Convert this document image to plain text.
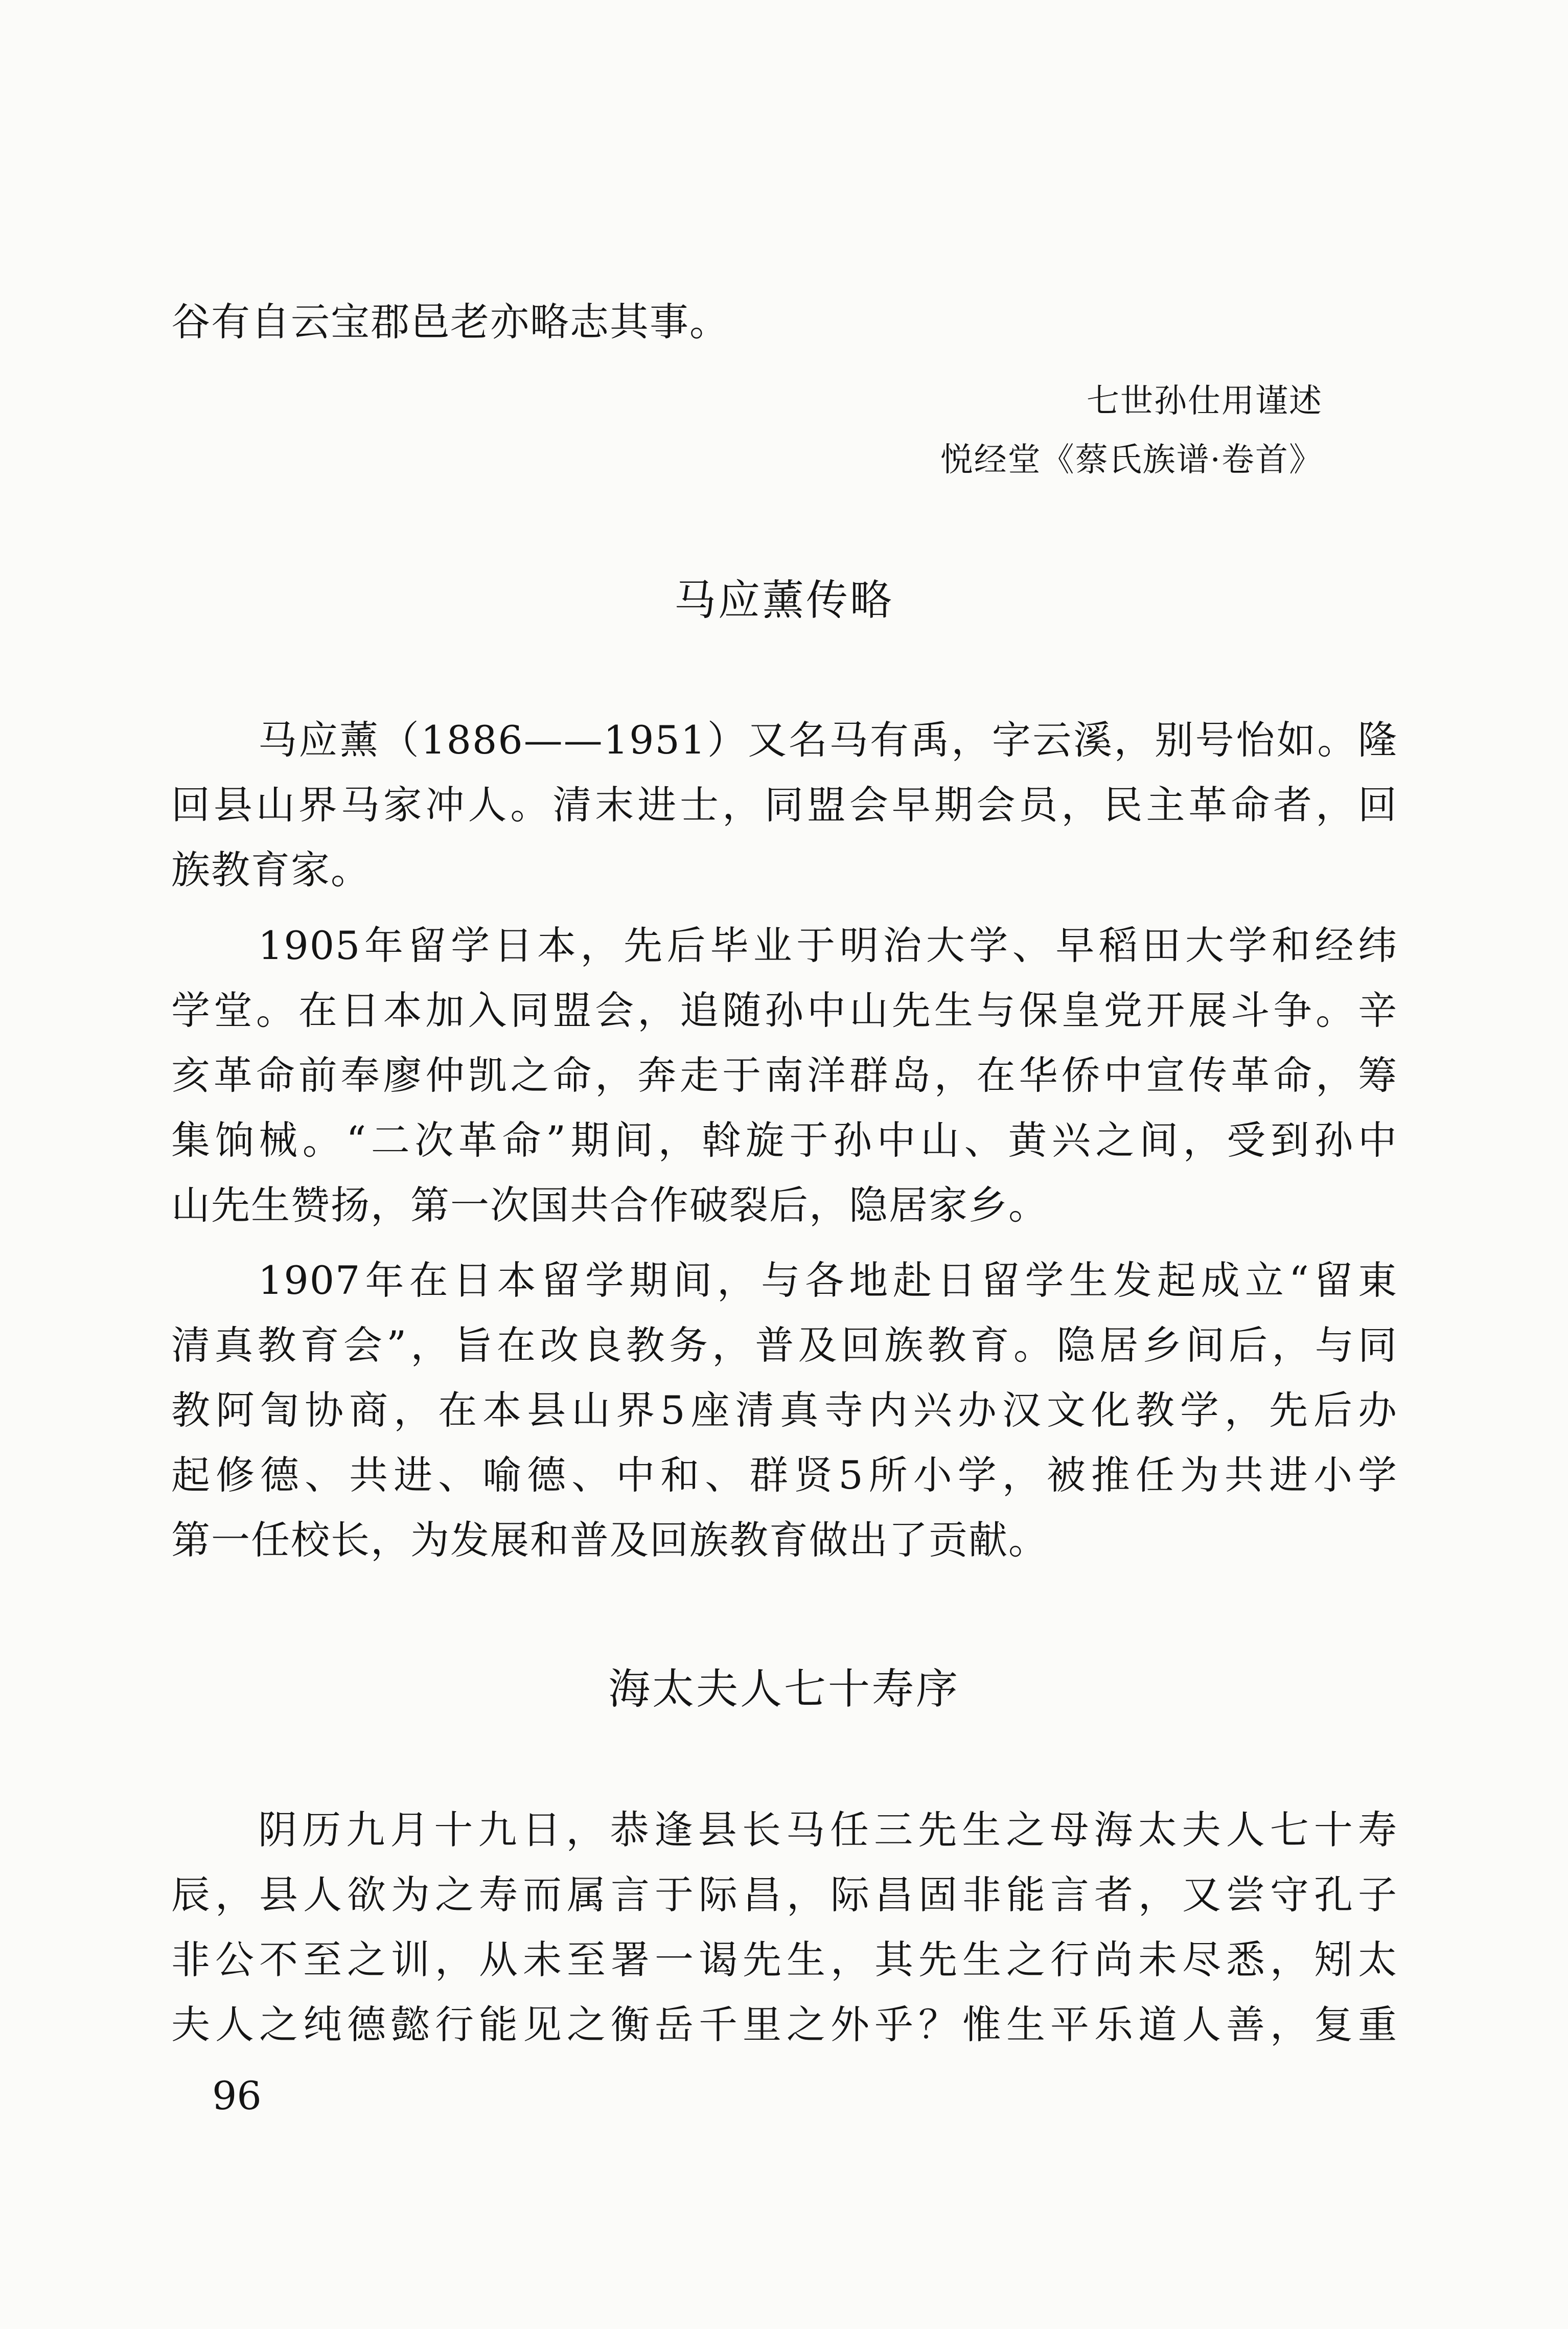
谷有自云宝郡邑老亦略志其事。
七世孙仕用谨述
悦经堂《蔡氏族谱·卷首》
马应薰传略
马应薰（1886——1951）又名马有禹，字云溪，别号怡如。隆
回县山界马家冲人。清末进士，同盟会早期会员，民主革命者，回
族教育家。
1905年留学日本，先后毕业于明治大学、早稻田大学和经纬
学堂。在日本加入同盟会，追随孙中山先生与保皇党开展斗争。辛
亥革命前奉廖仲凯之命，奔走于南洋群岛，在华侨中宣传革命，筹
集饷械。“二次革命”期间，斡旋于孙中山、黄兴之间，受到孙中
山先生赞扬，第一次国共合作破裂后，隐居家乡。
1907年在日本留学期间，与各地赴日留学生发起成立“留東
清真教育会”，旨在改良教务，普及回族教育。隐居乡间后，与同
教阿訇协商，在本县山界5座清真寺内兴办汉文化教学，先后办
起修德、共进、喻德、中和、群贤5所小学，被推任为共进小学
第一任校长，为发展和普及回族教育做出了贡献。
海太夫人七十寿序
阴历九月十九日，恭逢县长马任三先生之母海太夫人七十寿
辰，县人欲为之寿而属言于际昌，际昌固非能言者，又尝守孔子
非公不至之训，从未至署一谒先生，其先生之行尚未尽悉，矧太
夫人之纯德懿行能见之衡岳千里之外乎？惟生平乐道人善，复重
96
